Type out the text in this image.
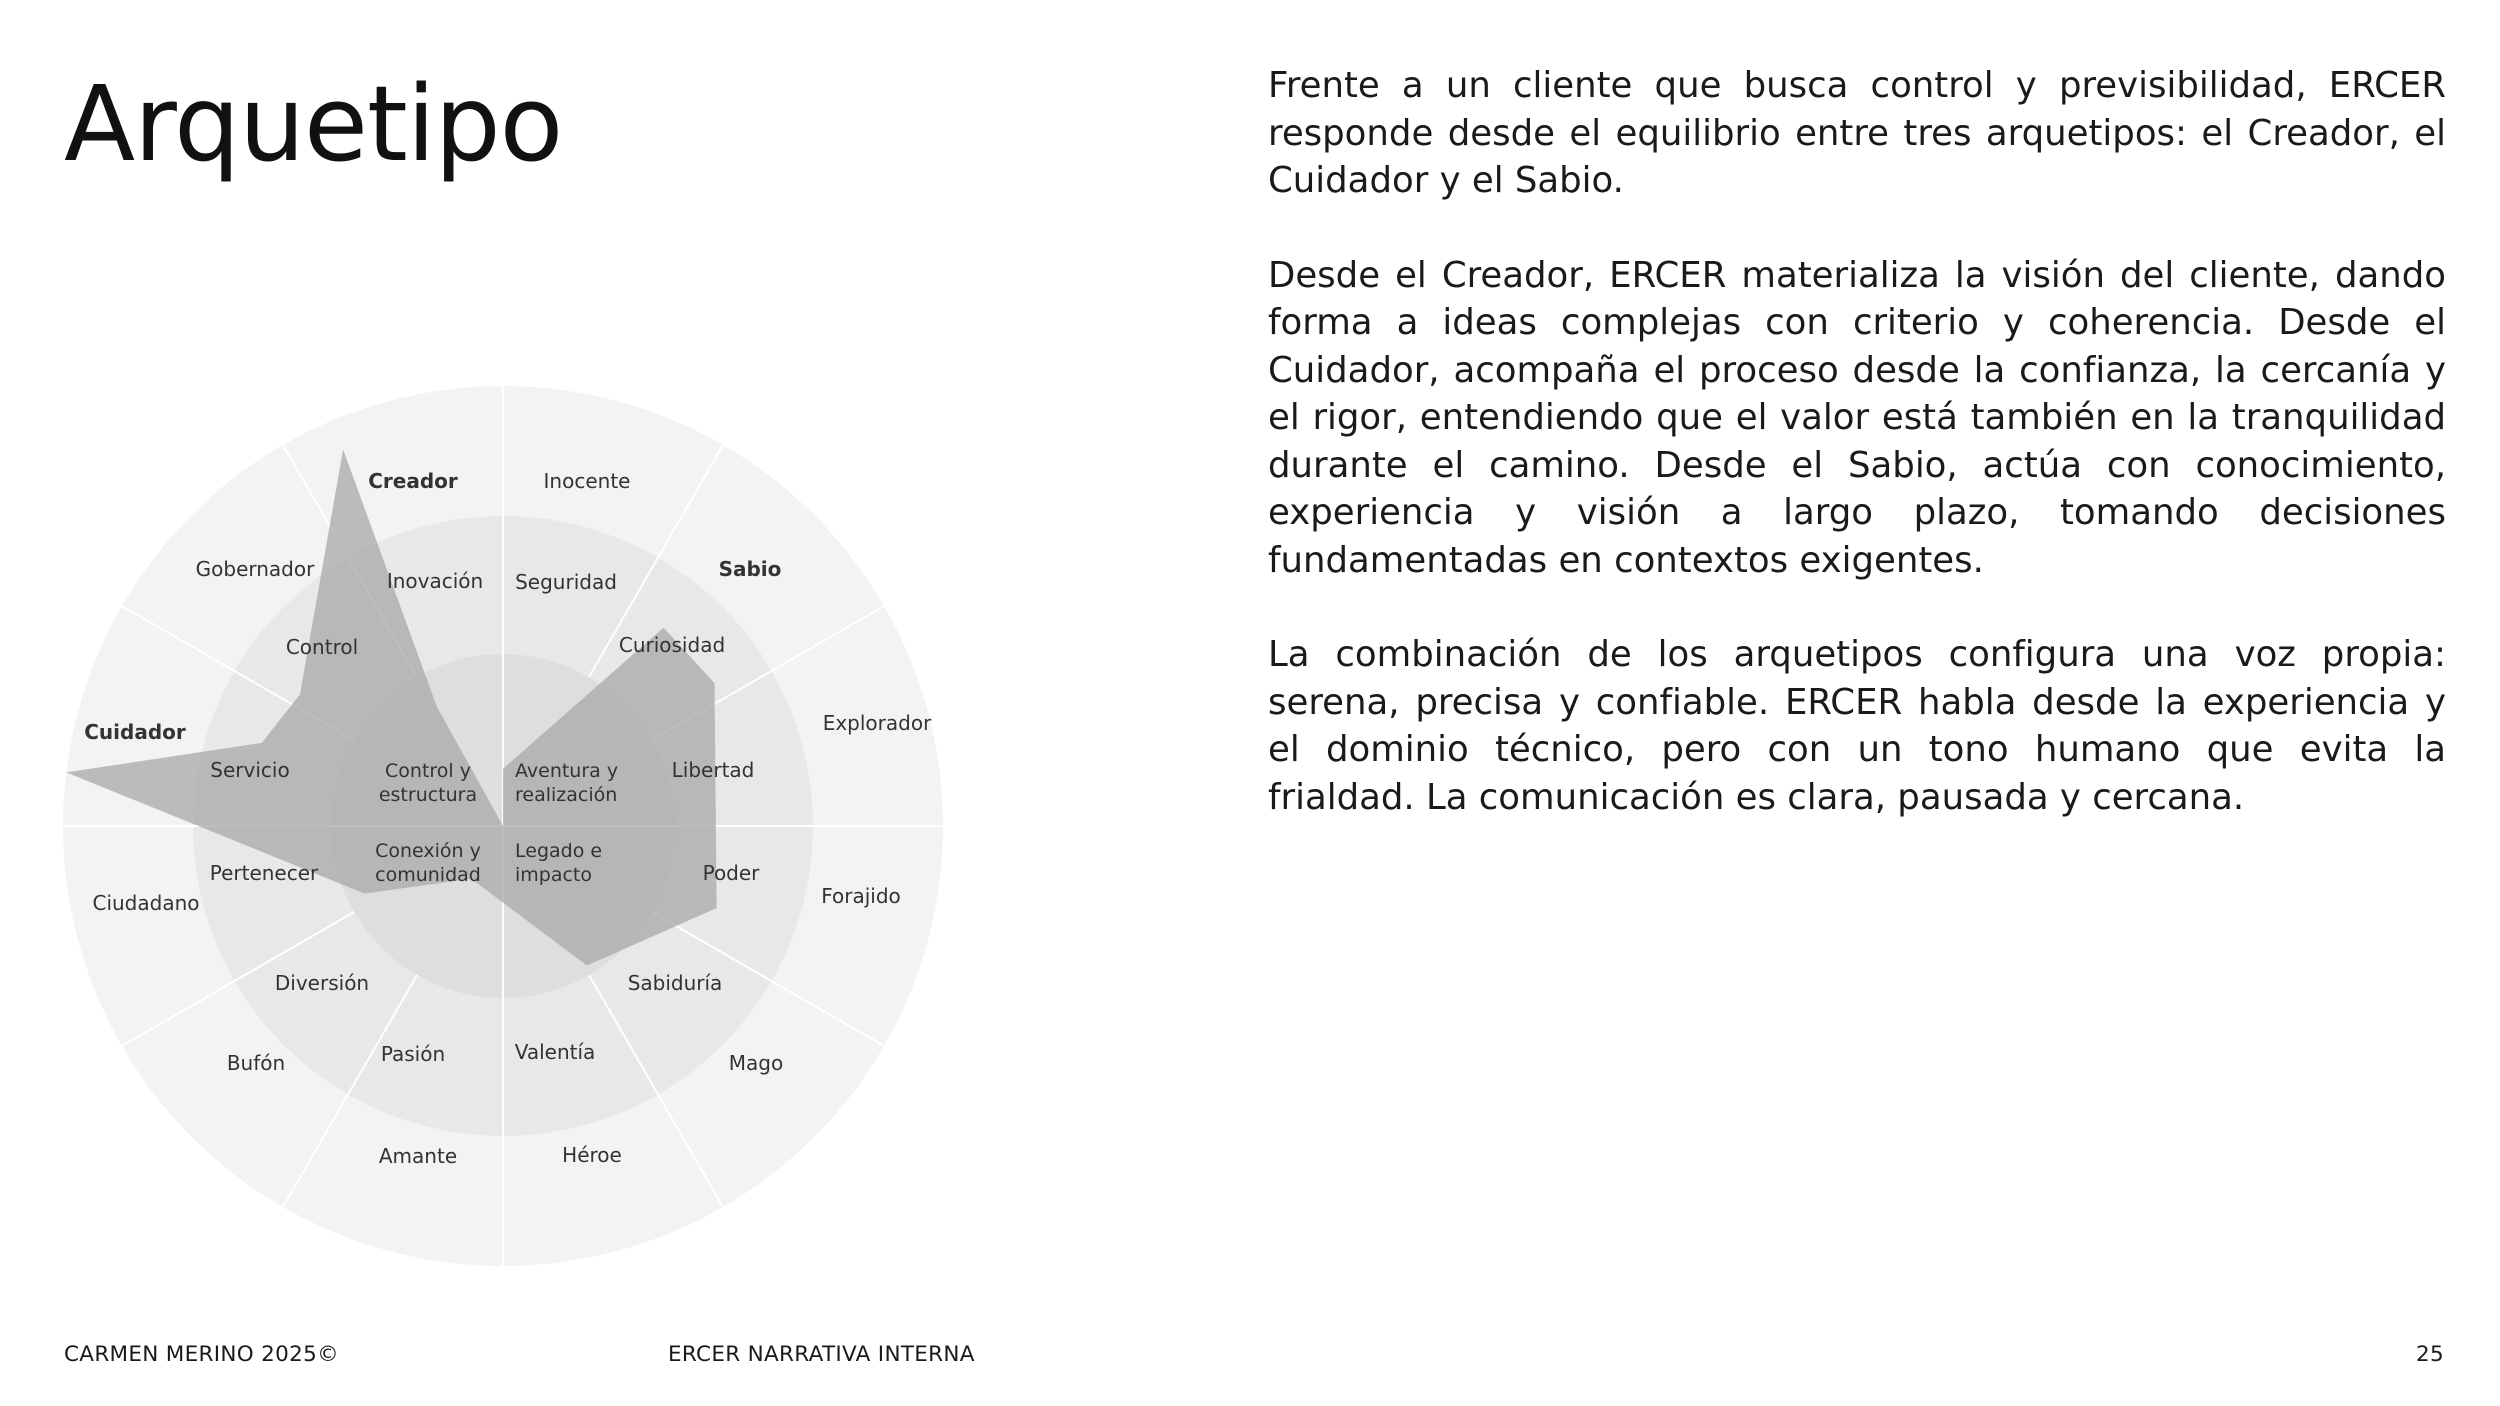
Arquetipo
Control y estructura
Aventura y realización
Conexión y comunidad
Legado e impacto
Inovación Seguridad
Curiosidad
Libertad
Poder
Sabiduría
Valentía
Pasión
Diversión
Pertenecer
Servicio
Control
Creador	Inocente
Sabio
Explorador
Forajido
Mago
Héroe
Amante
Bufón
Ciudadano
Cuidador
Gobernador

Frente a un cliente que busca control y previsibilidad, ERCER responde desde el equilibrio entre tres arquetipos: el Creador, el Cuidador y el Sabio.

Desde el Creador, ERCER materializa la visión del cliente, dando forma a ideas complejas con criterio y coherencia. Desde el Cuidador, acompaña el proceso desde la confianza, la cercanía y el rigor, entendiendo que el valor está también en la tranquilidad durante el camino. Desde el Sabio, actúa con conocimiento, experiencia y visión a largo plazo, tomando decisiones fundamentadas en contextos exigentes.

La combinación de los arquetipos configura una voz propia: serena, precisa y confiable. ERCER habla desde la experiencia y el dominio técnico, pero con un tono humano que evita la frialdad. La comunicación es clara, pausada y cercana.

CARMEN MERINO 2025©	ERCER NARRATIVA INTERNA	25
